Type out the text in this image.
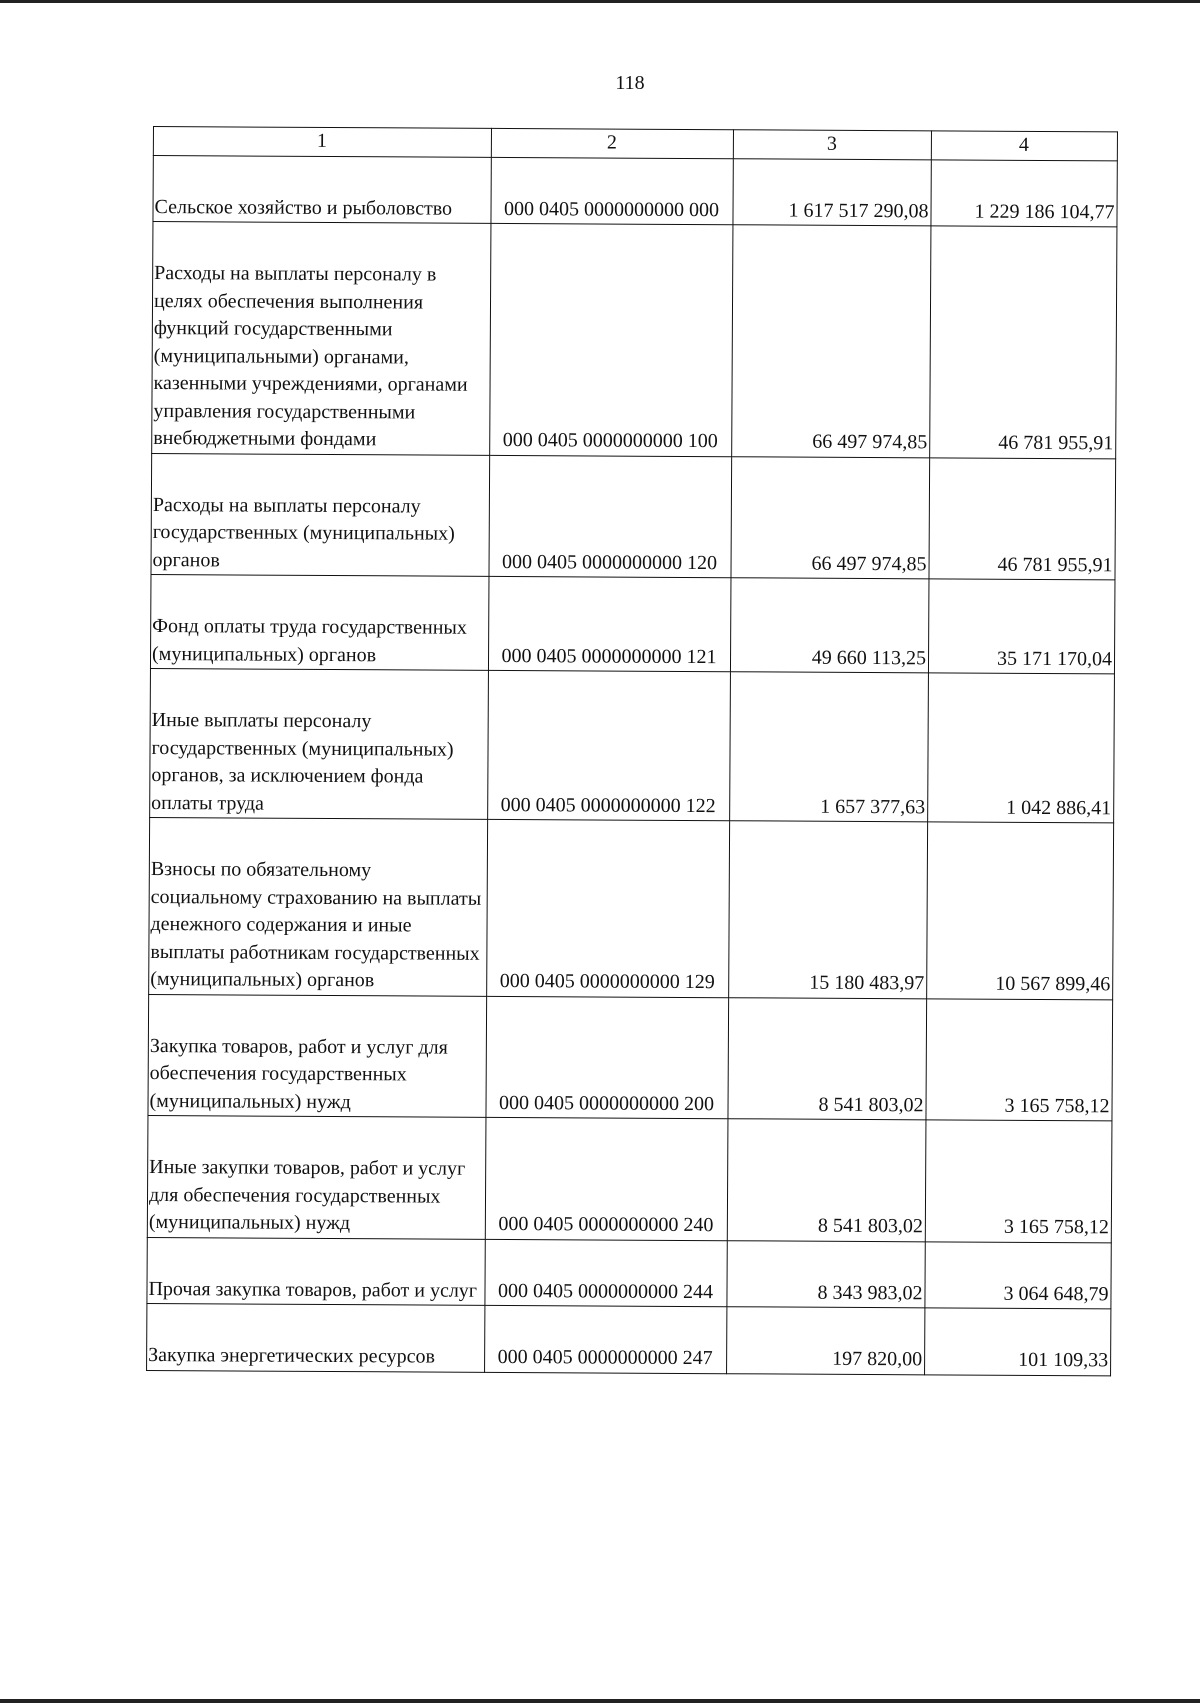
118
1	2	3	4
Сельское хозяйство и рыболовство	000 0405 0000000000 000	1 617 517 290,08	1 229 186 104,77
Расходы на выплаты персоналу в целях обеспечения выполнения функций государственными (муниципальными) органами, казенными учреждениями, органами управления государственными внебюджетными фондами	000 0405 0000000000 100	66 497 974,85	46 781 955,91
Расходы на выплаты персоналу государственных (муниципальных) органов	000 0405 0000000000 120	66 497 974,85	46 781 955,91
Фонд оплаты труда государственных (муниципальных) органов	000 0405 0000000000 121	49 660 113,25	35 171 170,04
Иные выплаты персоналу государственных (муниципальных) органов, за исключением фонда оплаты труда	000 0405 0000000000 122	1 657 377,63	1 042 886,41
Взносы по обязательному социальному страхованию на выплаты денежного содержания и иные выплаты работникам государственных (муниципальных) органов	000 0405 0000000000 129	15 180 483,97	10 567 899,46
Закупка товаров, работ и услуг для обеспечения государственных (муниципальных) нужд	000 0405 0000000000 200	8 541 803,02	3 165 758,12
Иные закупки товаров, работ и услуг для обеспечения государственных (муниципальных) нужд	000 0405 0000000000 240	8 541 803,02	3 165 758,12
Прочая закупка товаров, работ и услуг	000 0405 0000000000 244	8 343 983,02	3 064 648,79
Закупка энергетических ресурсов	000 0405 0000000000 247	197 820,00	101 109,33
